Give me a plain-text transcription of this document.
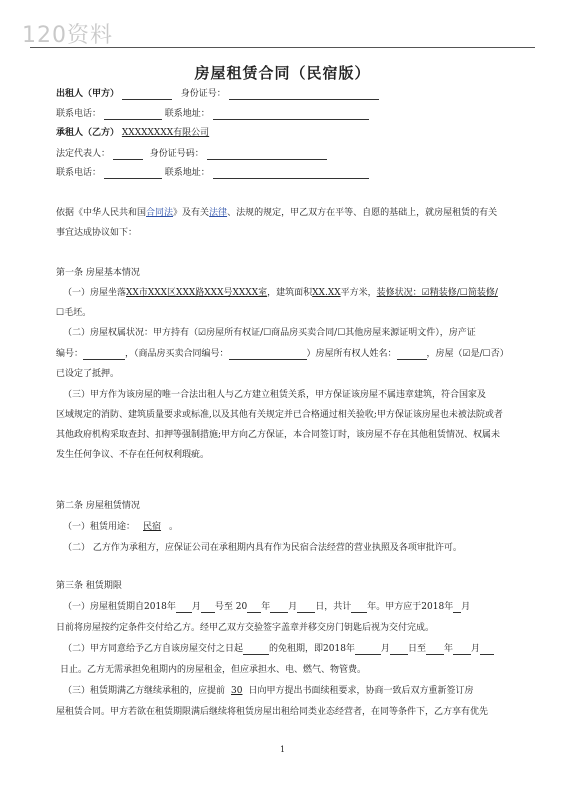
120资料
房屋租赁合同（民宿版）
出租人（甲方）	身份证号：
联系电话：	联系地址：
承租人（乙方） XXXXXXXX有限公司
法定代表人：	身份证号码：
联系电话：	联系地址：
依据《中华人民共和国合同法》及有关法律、法规的规定，甲乙双方在平等、自愿的基础上，就房屋租赁的有关
事宜达成协议如下：
第一条 房屋基本情况
（一）房屋坐落XX市XXX区XXX路XXX号XXXX室，建筑面积XX.XX平方米，装修状况：☑精装修/☐简装修/
☐毛坯。
（二）房屋权属状况：甲方持有（☑房屋所有权证/☐商品房买卖合同/☐其他房屋来源证明文件），房产证
编号：	，（商品房买卖合同编号：	）房屋所有权人姓名：	，房屋（☑是/☐否）
已设定了抵押。
（三）甲方作为该房屋的唯一合法出租人与乙方建立租赁关系，甲方保证该房屋不属违章建筑，符合国家及
区域规定的消防、建筑质量要求或标准,以及其他有关规定并已合格通过相关验收;甲方保证该房屋也未被法院或者
其他政府机构采取查封、扣押等强制措施;甲方向乙方保证，本合同签订时，该房屋不存在其他租赁情况、权属未
发生任何争议、不存在任何权利瑕疵。
第二条 房屋租赁情况
（一）租赁用途： 民宿 。
（二） 乙方作为承租方，应保证公司在承租期内具有作为民宿合法经营的营业执照及各项审批许可。
第三条 租赁期限
（一）房屋租赁期自2018年 月 号至 20 年 月 日，共计 年。甲方应于2018年 月
日前将房屋按约定条件交付给乙方。经甲乙双方交验签字盖章并移交房门钥匙后视为交付完成。
（二）甲方同意给予乙方自该房屋交付之日起	的免租期，即2018年	月 日至 年 月
日止。乙方无需承担免租期内的房屋租金，但应承担水、电、燃气、物管费。
（三）租赁期满乙方继续承租的，应提前 30 日向甲方提出书面续租要求，协商一致后双方重新签订房
屋租赁合同。甲方若欲在租赁期限满后继续将租赁房屋出租给同类业态经营者，在同等条件下，乙方享有优先
1
